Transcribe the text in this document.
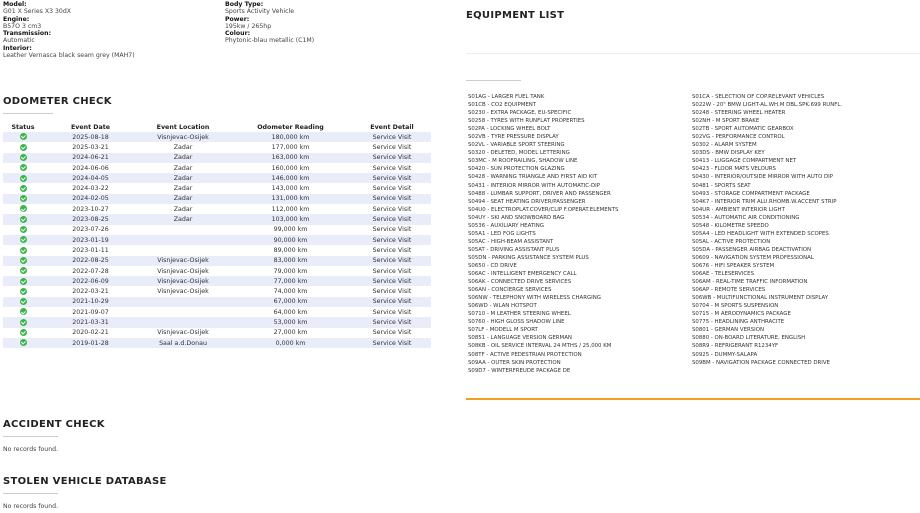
Model:
G01 X Series X3 30dX
Engine:
B57O 3 cm3
Transmission:
Automatic
Interior:
Leather Vernasca black seam grey (MAH7)
Body Type:
Sports Activity Vehicle
Power:
195kw / 265hp
Colour:
Phytonic-blau metallic (C1M)
ODOMETER CHECK
Status	Event Date	Event Location	Odometer Reading	Event Detail
	2025-08-18	Visnjevac-Osijek	180,000 km	Service Visit
	2025-03-21	Zadar	177,000 km	Service Visit
	2024-06-21	Zadar	163,000 km	Service Visit
	2024-06-06	Zadar	160,000 km	Service Visit
	2024-04-05	Zadar	146,000 km	Service Visit
	2024-03-22	Zadar	143,000 km	Service Visit
	2024-02-05	Zadar	131,000 km	Service Visit
	2023-10-27	Zadar	112,000 km	Service Visit
	2023-08-25	Zadar	103,000 km	Service Visit
	2023-07-26		99,000 km	Service Visit
	2023-01-19		90,000 km	Service Visit
	2023-01-11		89,000 km	Service Visit
	2022-08-25	Visnjevac-Osijek	83,000 km	Service Visit
	2022-07-28	Visnjevac-Osijek	79,000 km	Service Visit
	2022-06-09	Visnjevac-Osijek	77,000 km	Service Visit
	2022-03-21	Visnjevac-Osijek	74,000 km	Service Visit
	2021-10-29		67,000 km	Service Visit
	2021-09-07		64,000 km	Service Visit
	2021-03-31		53,000 km	Service Visit
	2020-02-21	Visnjevac-Osijek	27,000 km	Service Visit
	2019-01-28	Saal a.d.Donau	0,000 km	Service Visit
ACCIDENT CHECK
No records found.
STOLEN VEHICLE DATABASE
No records found.
EQUIPMENT LIST
S01AG - LARGER FUEL TANK
S01CB - CO2 EQUIPMENT
S0230 - EXTRA PACKAGE, EU-SPECIFIC
S0258 - TYRES WITH RUNFLAT PROPERTIES
S02PA - LOCKING WHEEL BOLT
S02VB - TYRE PRESSURE DISPLAY
S02VL - VARIABLE SPORT STEERING
S0320 - DELETED, MODEL LETTERING
S03MC - M ROOFRAILING, SHADOW LINE
S0420 - SUN PROTECTION GLAZING
S0428 - WARNING TRIANGLE AND FIRST AID KIT
S0431 - INTERIOR MIRROR WITH AUTOMATIC-DIP
S0488 - LUMBAR SUPPORT, DRIVER AND PASSENGER
S0494 - SEAT HEATING DRIVER/PASSENGER
S04U0 - ELECTROPLAT.COVER/CLIP F.OPERAT.ELEMENTS
S04UY - SKI AND SNOWBOARD BAG
S0536 - AUXILIARY HEATING
S05A1 - LED FOG LIGHTS
S05AC - HIGH-BEAM ASSISTANT
S05AT - DRIVING ASSISTANT PLUS
S05DN - PARKING ASSISTANCE SYSTEM PLUS
S0650 - CD DRIVE
S06AC - INTELLIGENT EMERGENCY CALL
S06AK - CONNECTED DRIVE SERVICES
S06AN - CONCIERGE SERVICES
S06NW - TELEPHONY WITH WIRELESS CHARGING
S06WD - WLAN HOTSPOT
S0710 - M LEATHER STEERING WHEEL
S0760 - HIGH GLOSS SHADOW LINE
S07LF - MODELL M SPORT
S0851 - LANGUAGE VERSION GERMAN
S08KB - OIL SERVICE INTERVAL 24 MTHS / 25,000 KM
S08TF - ACTIVE PEDESTRIAN PROTECTION
S09AA - OUTER SKIN PROTECTION
S09D7 - WINTERFREUDE PACKAGE DE
S01CA - SELECTION OF COP.RELEVANT VEHICLES
S022W - 20" BMW LIGHT-AL.WH.M DBL.SPK.699 RUNFL.
S0248 - STEERING WHEEL HEATER
S02NH - M SPORT BRAKE
S02TB - SPORT AUTOMATIC GEARBOX
S02VG - PERFORMANCE CONTROL
S0302 - ALARM SYSTEM
S03DS - BMW DISPLAY KEY
S0413 - LUGGAGE COMPARTMENT NET
S0423 - FLOOR MATS VELOURS
S0430 - INTERIOR/OUTSIDE MIRROR WITH AUTO DIP
S0481 - SPORTS SEAT
S0493 - STORAGE COMPARTMENT PACKAGE
S04K7 - INTERIOR TRIM ALU.RHOMB.W.ACCENT STRIP
S04UR - AMBIENT INTERIOR LIGHT
S0534 - AUTOMATIC AIR CONDITIONING
S0548 - KILOMETRE SPEEDO
S05A4 - LED HEADLIGHT WITH EXTENDED SCOPES
S05AL - ACTIVE PROTECTION
S05DA - PASSENGER AIRBAG DEACTIVATION
S0609 - NAVIGATION SYSTEM PROFESSIONAL
S0676 - HIFI SPEAKER SYSTEM
S06AE - TELESERVICES
S06AM - REAL-TIME TRAFFIC INFORMATION
S06AP - REMOTE SERVICES
S06WB - MULTIFUNCTIONAL INSTRUMENT DISPLAY
S0704 - M SPORTS SUSPENSION
S0715 - M AERODYNAMICS PACKAGE
S0775 - HEADLINING ANTHRACITE
S0801 - GERMAN VERSION
S0880 - ON-BOARD LITERATURE, ENGLISH
S08R9 - REFRIGERANT R1234YF
S0925 - DUMMY-SALAPA
S09BM - NAVIGATION PACKAGE CONNECTED DRIVE
